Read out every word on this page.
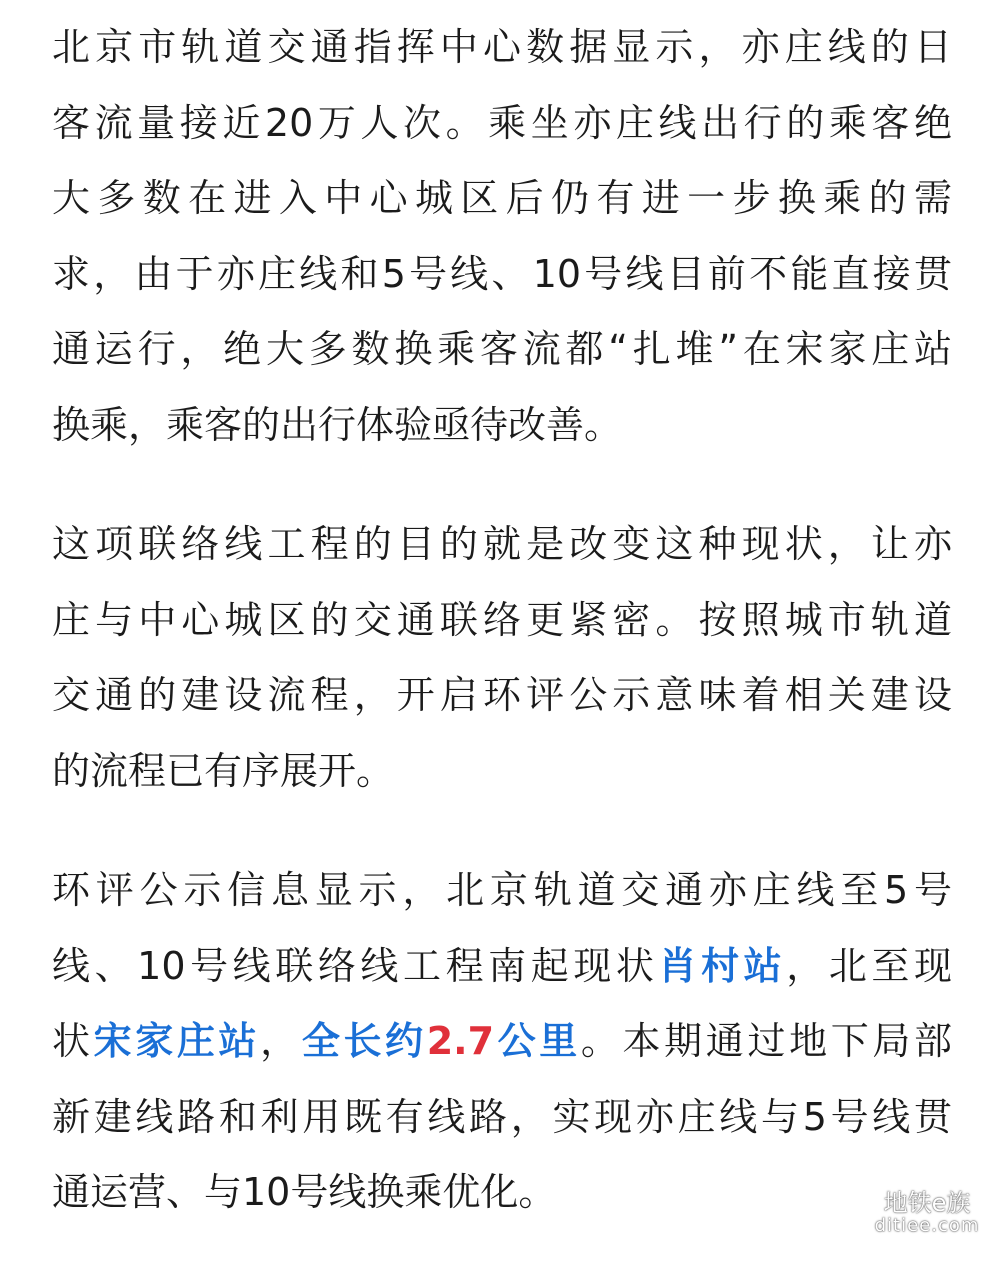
北京市轨道交通指挥中心数据显示，亦庄线的日
客流量接近20万人次。乘坐亦庄线出行的乘客绝
大多数在进入中心城区后仍有进一步换乘的需
求，由于亦庄线和5号线、10号线目前不能直接贯
通运行，绝大多数换乘客流都“扎堆”在宋家庄站
换乘，乘客的出行体验亟待改善。

这项联络线工程的目的就是改变这种现状，让亦
庄与中心城区的交通联络更紧密。按照城市轨道
交通的建设流程，开启环评公示意味着相关建设
的流程已有序展开。

环评公示信息显示，北京轨道交通亦庄线至5号
线、10号线联络线工程南起现状肖村站，北至现
状宋家庄站，全长约2.7公里。本期通过地下局部
新建线路和利用既有线路，实现亦庄线与5号线贯
通运营、与10号线换乘优化。	地铁e族
ditiee.com
